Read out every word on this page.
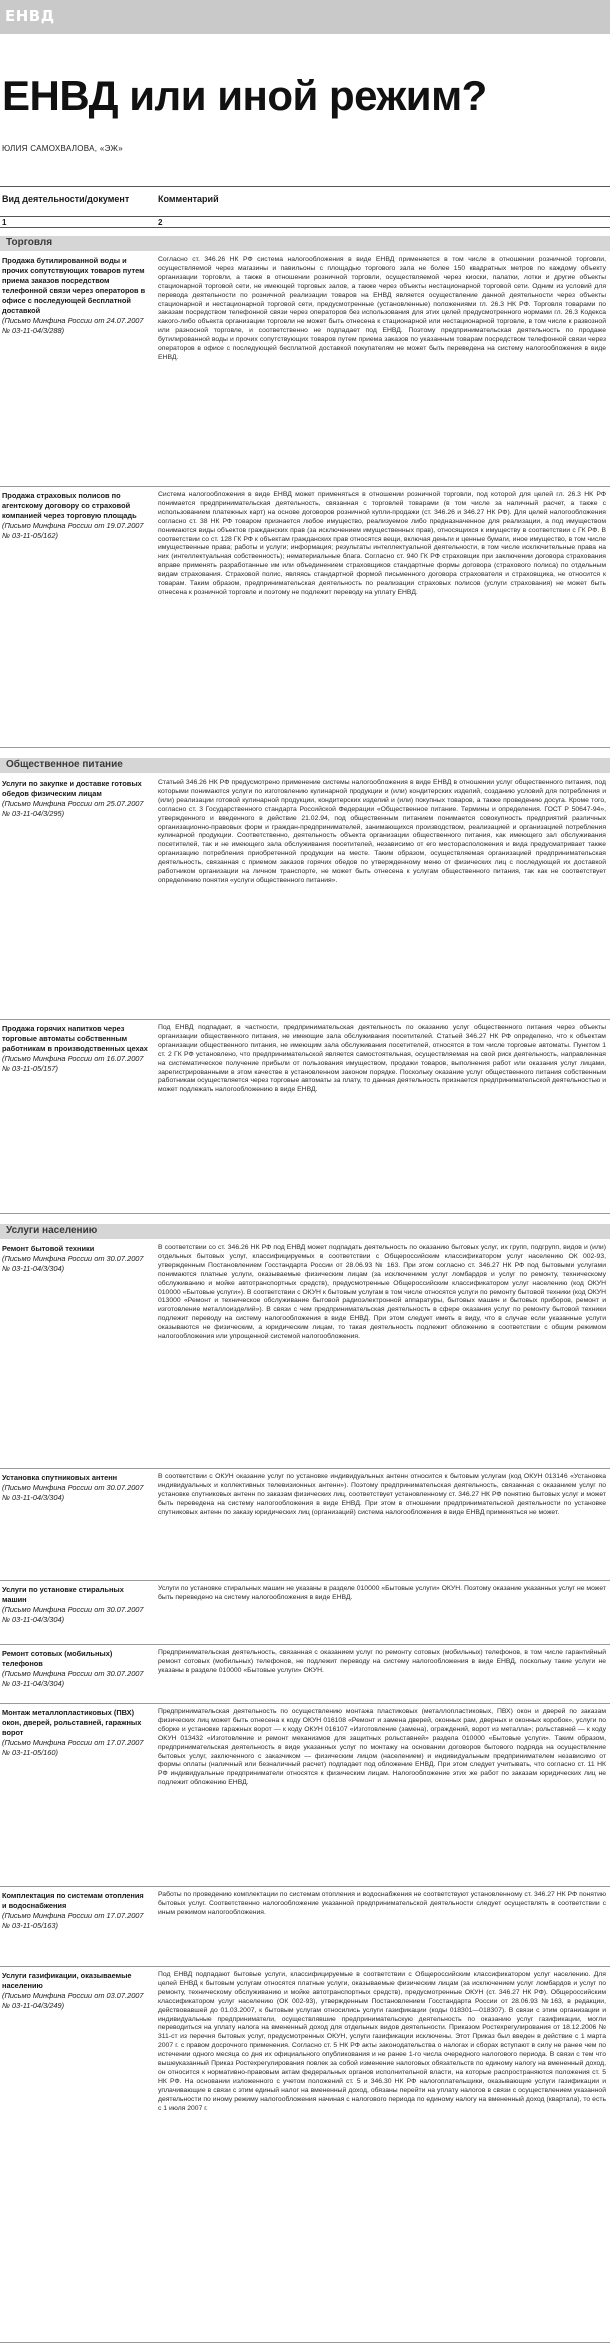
ЕНВД
ЕНВД или иной режим?
ЮЛИЯ САМОХВАЛОВА, «ЭЖ»
Вид деятельности/документ	Комментарий
1	2
Торговля
Продажа бутилированной воды и прочих сопутствующих товаров путем приема заказов посредством телефонной связи через операторов в офисе с последующей бесплатной доставкой
(Письмо Минфина России от 24.07.2007 № 03-11-04/3/288)
Согласно ст. 346.26 НК РФ система налогообложения в виде ЕНВД применяется в том числе в отношении розничной торговли, осуществляемой через магазины и павильоны с площадью торгового зала не более 150 квадратных метров по каждому объекту организации торговли, а также в отношении розничной торговли, осуществляемой через киоски, палатки, лотки и другие объекты стационарной торговой сети, не имеющей торговых залов, а также через объекты нестационарной торговой сети. Одним из условий для перевода деятельности по розничной реализации товаров на ЕНВД является осуществление данной деятельности через объекты стационарной и нестационарной торговой сети, предусмотренные (установленные) положениями гл. 26.3 НК РФ. Торговля товарами по заказам посредством телефонной связи через операторов без использования для этих целей предусмотренного нормами гл. 26.3 Кодекса какого-либо объекта организации торговли не может быть отнесена к стационарной или нестационарной торговле, в том числе к развозной или разносной торговле, и соответственно не подпадает под ЕНВД. Поэтому предпринимательская деятельность по продаже бутилированной воды и прочих сопутствующих товаров путем приема заказов по указанным товарам посредством телефонной связи через операторов в офисе с последующей бесплатной доставкой покупателям не может быть переведена на систему налогообложения в виде ЕНВД.
Продажа страховых полисов по агентскому договору со страховой компанией через торговую площадь
(Письмо Минфина России от 19.07.2007 № 03-11-05/162)
Система налогообложения в виде ЕНВД может применяться в отношении розничной торговли, под которой для целей гл. 26.3 НК РФ понимается предпринимательская деятельность, связанная с торговлей товарами (в том числе за наличный расчет, а также с использованием платежных карт) на основе договоров розничной купли-продажи (ст. 346.26 и 346.27 НК РФ). Для целей налогообложения согласно ст. 38 НК РФ товаром признается любое имущество, реализуемое либо предназначенное для реализации, а под имуществом понимаются виды объектов гражданских прав (за исключением имущественных прав), относящихся к имуществу в соответствии с ГК РФ. В соответствии со ст. 128 ГК РФ к объектам гражданских прав относятся вещи, включая деньги и ценные бумаги, иное имущество, в том числе имущественные права; работы и услуги; информация; результаты интеллектуальной деятельности, в том числе исключительные права на них (интеллектуальная собственность); нематериальные блага. Согласно ст. 940 ГК РФ страховщик при заключении договора страхования вправе применять разработанные им или объединением страховщиков стандартные формы договора (страхового полиса) по отдельным видам страхования. Страховой полис, являясь стандартной формой письменного договора страхователя и страховщика, не относится к товарам. Таким образом, предпринимательская деятельность по реализации страховых полисов (услуги страхования) не может быть отнесена к розничной торговле и поэтому не подлежит переводу на уплату ЕНВД.
Общественное питание
Услуги по закупке и доставке готовых обедов физическим лицам
(Письмо Минфина России от 25.07.2007 № 03-11-04/3/295)
Статьей 346.26 НК РФ предусмотрено применение системы налогообложения в виде ЕНВД в отношении услуг общественного питания, под которыми понимаются услуги по изготовлению кулинарной продукции и (или) кондитерских изделий, созданию условий для потребления и (или) реализации готовой кулинарной продукции, кондитерских изделий и (или) покупных товаров, а также проведению досуга. Кроме того, согласно ст. 3 Государственного стандарта Российской Федерации «Общественное питание. Термины и определения. ГОСТ Р 50647-94», утвержденного и введенного в действие 21.02.94, под общественным питанием понимается совокупность предприятий различных организационно-правовых форм и граждан-предпринимателей, занимающихся производством, реализацией и организацией потребления кулинарной продукции. Соответственно, деятельность объекта организации общественного питания, как имеющего зал обслуживания посетителей, так и не имеющего зала обслуживания посетителей, независимо от его месторасположения и вида предусматривает также организацию потребления приобретенной продукции на месте. Таким образом, осуществляемая организацией предпринимательская деятельность, связанная с приемом заказов горячих обедов по утвержденному меню от физических лиц с последующей их доставкой работником организации на личном транспорте, не может быть отнесена к услугам общественного питания, так как не соответствует определению понятия «услуги общественного питания».
Продажа горячих напитков через торговые автоматы собственным работникам в производственных цехах
(Письмо Минфина России от 16.07.2007 № 03-11-05/157)
Под ЕНВД подпадает, в частности, предпринимательская деятельность по оказанию услуг общественного питания через объекты организации общественного питания, не имеющие зала обслуживания посетителей. Статьей 346.27 НК РФ определено, что к объектам организации общественного питания, не имеющим зала обслуживания посетителей, относятся в том числе торговые автоматы. Пунктом 1 ст. 2 ГК РФ установлено, что предпринимательской является самостоятельная, осуществляемая на свой риск деятельность, направленная на систематическое получение прибыли от пользования имуществом, продажи товаров, выполнения работ или оказания услуг лицами, зарегистрированными в этом качестве в установленном законом порядке. Поскольку оказание услуг общественного питания собственным работникам осуществляется через торговые автоматы за плату, то данная деятельность признается предпринимательской деятельностью и может подлежать налогообложению в виде ЕНВД.
Услуги населению
Ремонт бытовой техники
(Письмо Минфина России от 30.07.2007 № 03-11-04/3/304)
В соответствии со ст. 346.26 НК РФ под ЕНВД может подпадать деятельность по оказанию бытовых услуг, их групп, подгрупп, видов и (или) отдельных бытовых услуг, классифицируемых в соответствии с Общероссийским классификатором услуг населению ОК 002-93, утвержденным Постановлением Госстандарта России от 28.06.93 № 163. При этом согласно ст. 346.27 НК РФ под бытовыми услугами понимаются платные услуги, оказываемые физическим лицам (за исключением услуг ломбардов и услуг по ремонту, техническому обслуживанию и мойке автотранспортных средств), предусмотренные Общероссийским классификатором услуг населению (код ОКУН 010000 «Бытовые услуги»). В соответствии с ОКУН к бытовым услугам в том числе относятся услуги по ремонту бытовой техники (код ОКУН 013000 «Ремонт и техническое обслуживание бытовой радиоэлектронной аппаратуры, бытовых машин и бытовых приборов, ремонт и изготовление металлоизделий»). В связи с чем предпринимательская деятельность в сфере оказания услуг по ремонту бытовой техники подлежит переводу на систему налогообложения в виде ЕНВД. При этом следует иметь в виду, что в случае если указанные услуги оказываются не физическим, а юридическим лицам, то такая деятельность подлежит обложению в соответствии с общим режимом налогообложения или упрощенной системой налогообложения.
Установка спутниковых антенн
(Письмо Минфина России от 30.07.2007 № 03-11-04/3/304)
В соответствии с ОКУН оказание услуг по установке индивидуальных антенн относится к бытовым услугам (код ОКУН 013146 «Установка индивидуальных и коллективных телевизионных антенн»). Поэтому предпринимательская деятельность, связанная с оказанием услуг по установке спутниковых антенн по заказам физических лиц, соответствует установленному ст. 346.27 НК РФ понятию бытовых услуг и может быть переведена на систему налогообложения в виде ЕНВД. При этом в отношении предпринимательской деятельности по установке спутниковых антенн по заказу юридических лиц (организаций) система налогообложения в виде ЕНВД применяться не может.
Услуги по установке стиральных машин
(Письмо Минфина России от 30.07.2007 № 03-11-04/3/304)
Услуги по установке стиральных машин не указаны в разделе 010000 «Бытовые услуги» ОКУН. Поэтому оказание указанных услуг не может быть переведено на систему налогообложения в виде ЕНВД.
Ремонт сотовых (мобильных) телефонов
(Письмо Минфина России от 30.07.2007 № 03-11-04/3/304)
Предпринимательская деятельность, связанная с оказанием услуг по ремонту сотовых (мобильных) телефонов, в том числе гарантийный ремонт сотовых (мобильных) телефонов, не подлежит переводу на систему налогообложения в виде ЕНВД, поскольку такие услуги не указаны в разделе 010000 «Бытовые услуги» ОКУН.
Монтаж металлопластиковых (ПВХ) окон, дверей, рольставней, гаражных ворот
(Письмо Минфина России от 17.07.2007 № 03-11-05/160)
Предпринимательская деятельность по осуществлению монтажа пластиковых (металлопластиковых, ПВХ) окон и дверей по заказам физических лиц может быть отнесена к коду ОКУН 016108 «Ремонт и замена дверей, оконных рам, дверных и оконных коробок», услуги по сборке и установке гаражных ворот — к коду ОКУН 016107 «Изготовление (замена), ограждений, ворот из металла»; рольставней — к коду ОКУН 013432 «Изготовление и ремонт механизмов для защитных рольставней» раздела 010000 «Бытовые услуги». Таким образом, предпринимательская деятельность в виде указанных услуг по монтажу на основании договоров бытового подряда на осуществление бытовых услуг, заключенного с заказчиком — физическим лицом (населением) и индивидуальным предпринимателем независимо от формы оплаты (наличный или безналичный расчет) подпадает под обложение ЕНВД. При этом следует учитывать, что согласно ст. 11 НК РФ индивидуальные предприниматели относятся к физическим лицам. Налогообложение этих же работ по заказам юридических лиц не подлежит обложению ЕНВД.
Комплектация по системам отопления и водоснабжения
(Письмо Минфина России от 17.07.2007 № 03-11-05/163)
Работы по проведению комплектации по системам отопления и водоснабжения не соответствуют установленному ст. 346.27 НК РФ понятию бытовых услуг. Соответственно налогообложение указанной предпринимательской деятельности следует осуществлять в соответствии с иным режимом налогообложения.
Услуги газификации, оказываемые населению
(Письмо Минфина России от 03.07.2007 № 03-11-04/3/249)
Под ЕНВД подпадают бытовые услуги, классифицируемые в соответствии с Общероссийским классификатором услуг населению. Для целей ЕНВД к бытовым услугам относятся платные услуги, оказываемые физическим лицам (за исключением услуг ломбардов и услуг по ремонту, техническому обслуживанию и мойке автотранспортных средств), предусмотренные ОКУН (ст. 346.27 НК РФ). Общероссийским классификатором услуг населению (ОК 002-93), утвержденным Постановлением Госстандарта России от 28.06.93 №163, в редакции, действовавшей до 01.03.2007, к бытовым услугам относились услуги газификации (коды 018301—018307). В связи с этим организации и индивидуальные предприниматели, осуществлявшие предпринимательскую деятельность по оказанию услуг газификации, могли переводиться на уплату налога на вмененный доход для отдельных видов деятельности. Приказом Ростехрегулирования от 18.12.2006 № 311-ст из перечня бытовых услуг, предусмотренных ОКУН, услуги газификации исключены. Этот Приказ был введен в действие с 1 марта 2007 г. с правом досрочного применения. Согласно ст. 5 НК РФ акты законодательства о налогах и сборах вступают в силу не ранее чем по истечении одного месяца со дня их официального опубликования и не ранее 1-го числа очередного налогового периода. В связи с тем что вышеуказанный Приказ Ростехрегулирования повлек за собой изменение налоговых обязательств по единому налогу на вмененный доход, он относится к нормативно-правовым актам федеральных органов исполнительной власти, на которые распространяются положения ст. 5 НК РФ. На основании изложенного с учетом положений ст. 5 и 346.30 НК РФ налогоплательщики, оказывающие услуги газификации и уплачивающие в связи с этим единый налог на вмененный доход, обязаны перейти на уплату налогов в связи с осуществлением указанной деятельности по иному режиму налогообложения начиная с налогового периода по единому налогу на вмененный доход (квартала), то есть с 1 июля 2007 г.
